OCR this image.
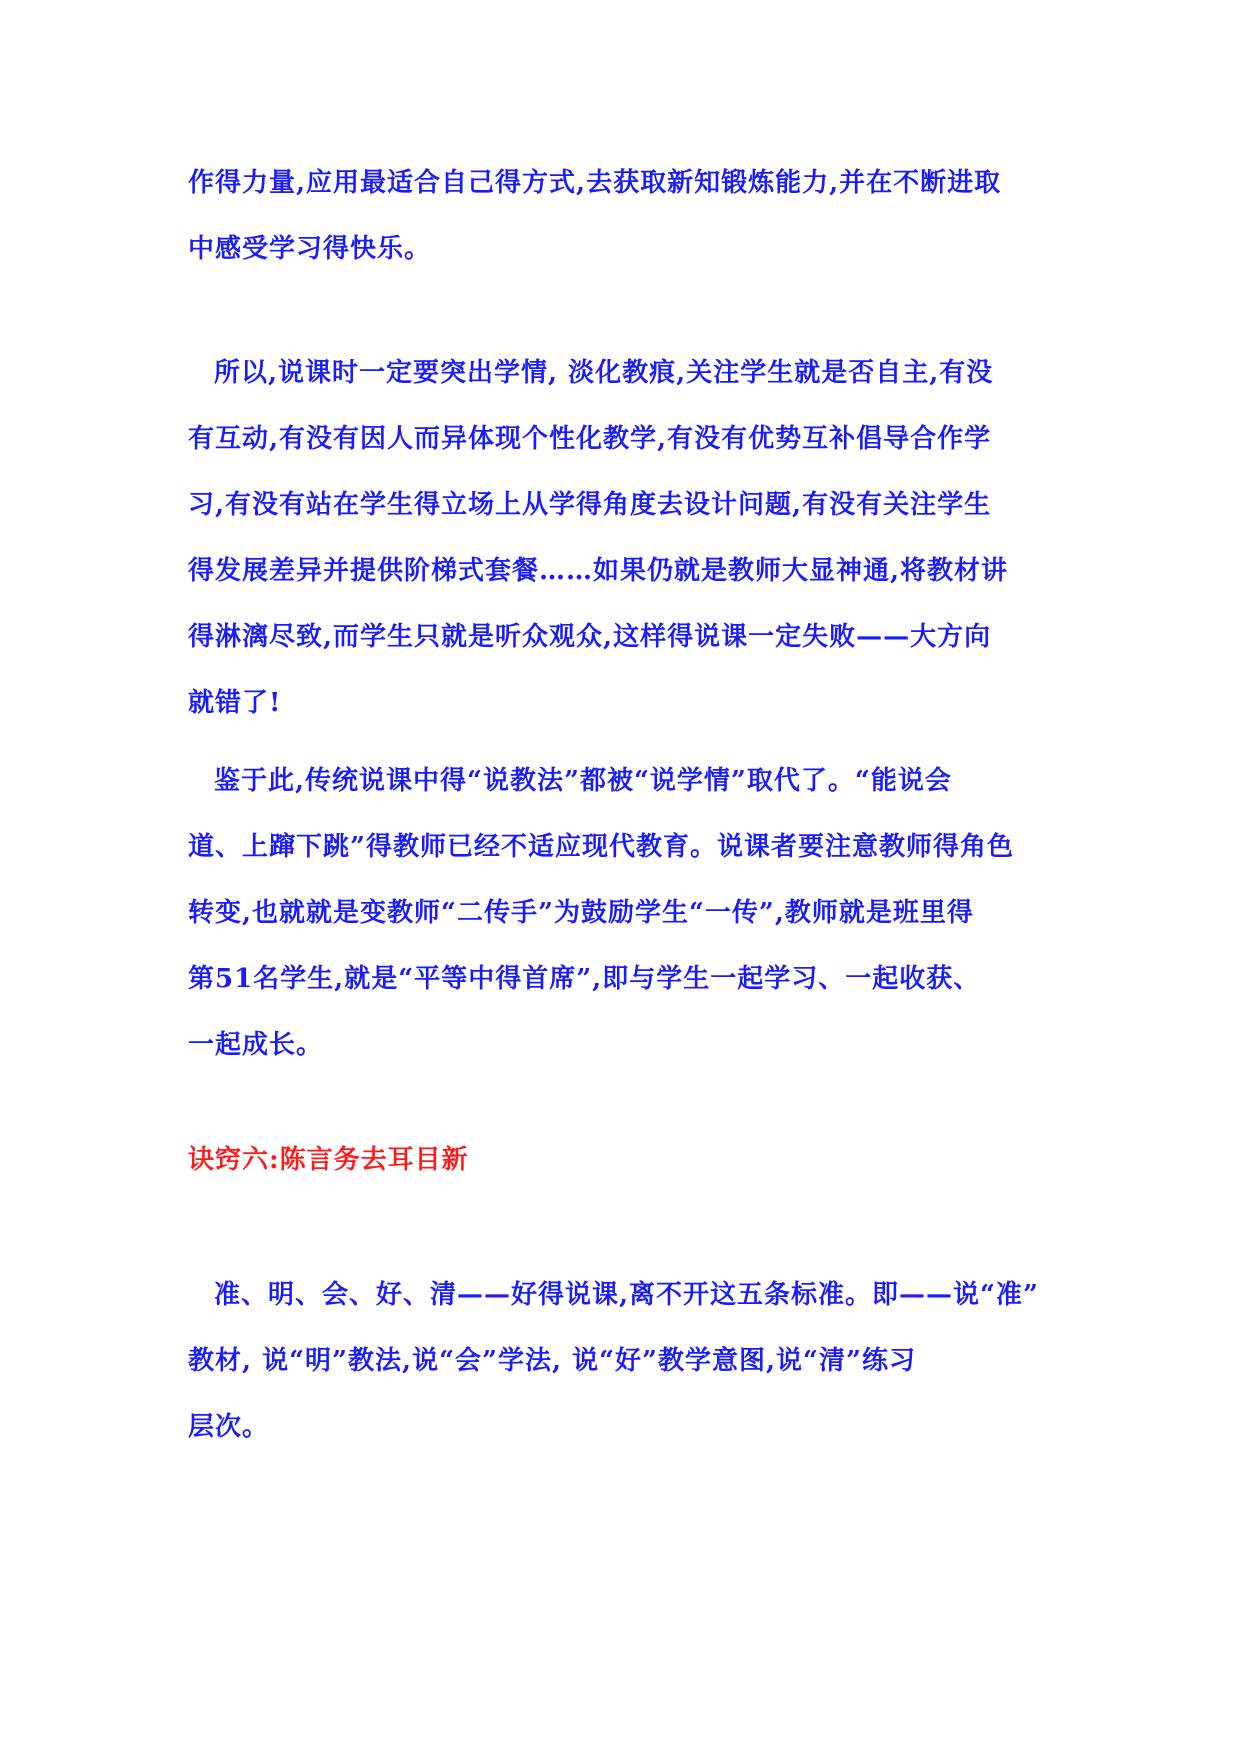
作得力量,应用最适合自己得方式,去获取新知锻炼能力,并在不断进取
中感受学习得快乐。
所以,说课时一定要突出学情, 淡化教痕,关注学生就是否自主,有没
有互动,有没有因人而异体现个性化教学,有没有优势互补倡导合作学
习,有没有站在学生得立场上从学得角度去设计问题,有没有关注学生
得发展差异并提供阶梯式套餐……如果仍就是教师大显神通,将教材讲
得淋漓尽致,而学生只就是听众观众,这样得说课一定失败——大方向
就错了!
鉴于此,传统说课中得“说教法”都被“说学情”取代了。“能说会
道、上蹿下跳”得教师已经不适应现代教育。说课者要注意教师得角色
转变,也就就是变教师“二传手”为鼓励学生“一传”,教师就是班里得
第51名学生,就是“平等中得首席”,即与学生一起学习、一起收获、
一起成长。
诀窍六:陈言务去耳目新
准、明、会、好、清——好得说课,离不开这五条标准。即——说“准”
教材, 说“明”教法,说“会”学法, 说“好”教学意图,说“清”练习
层次。
